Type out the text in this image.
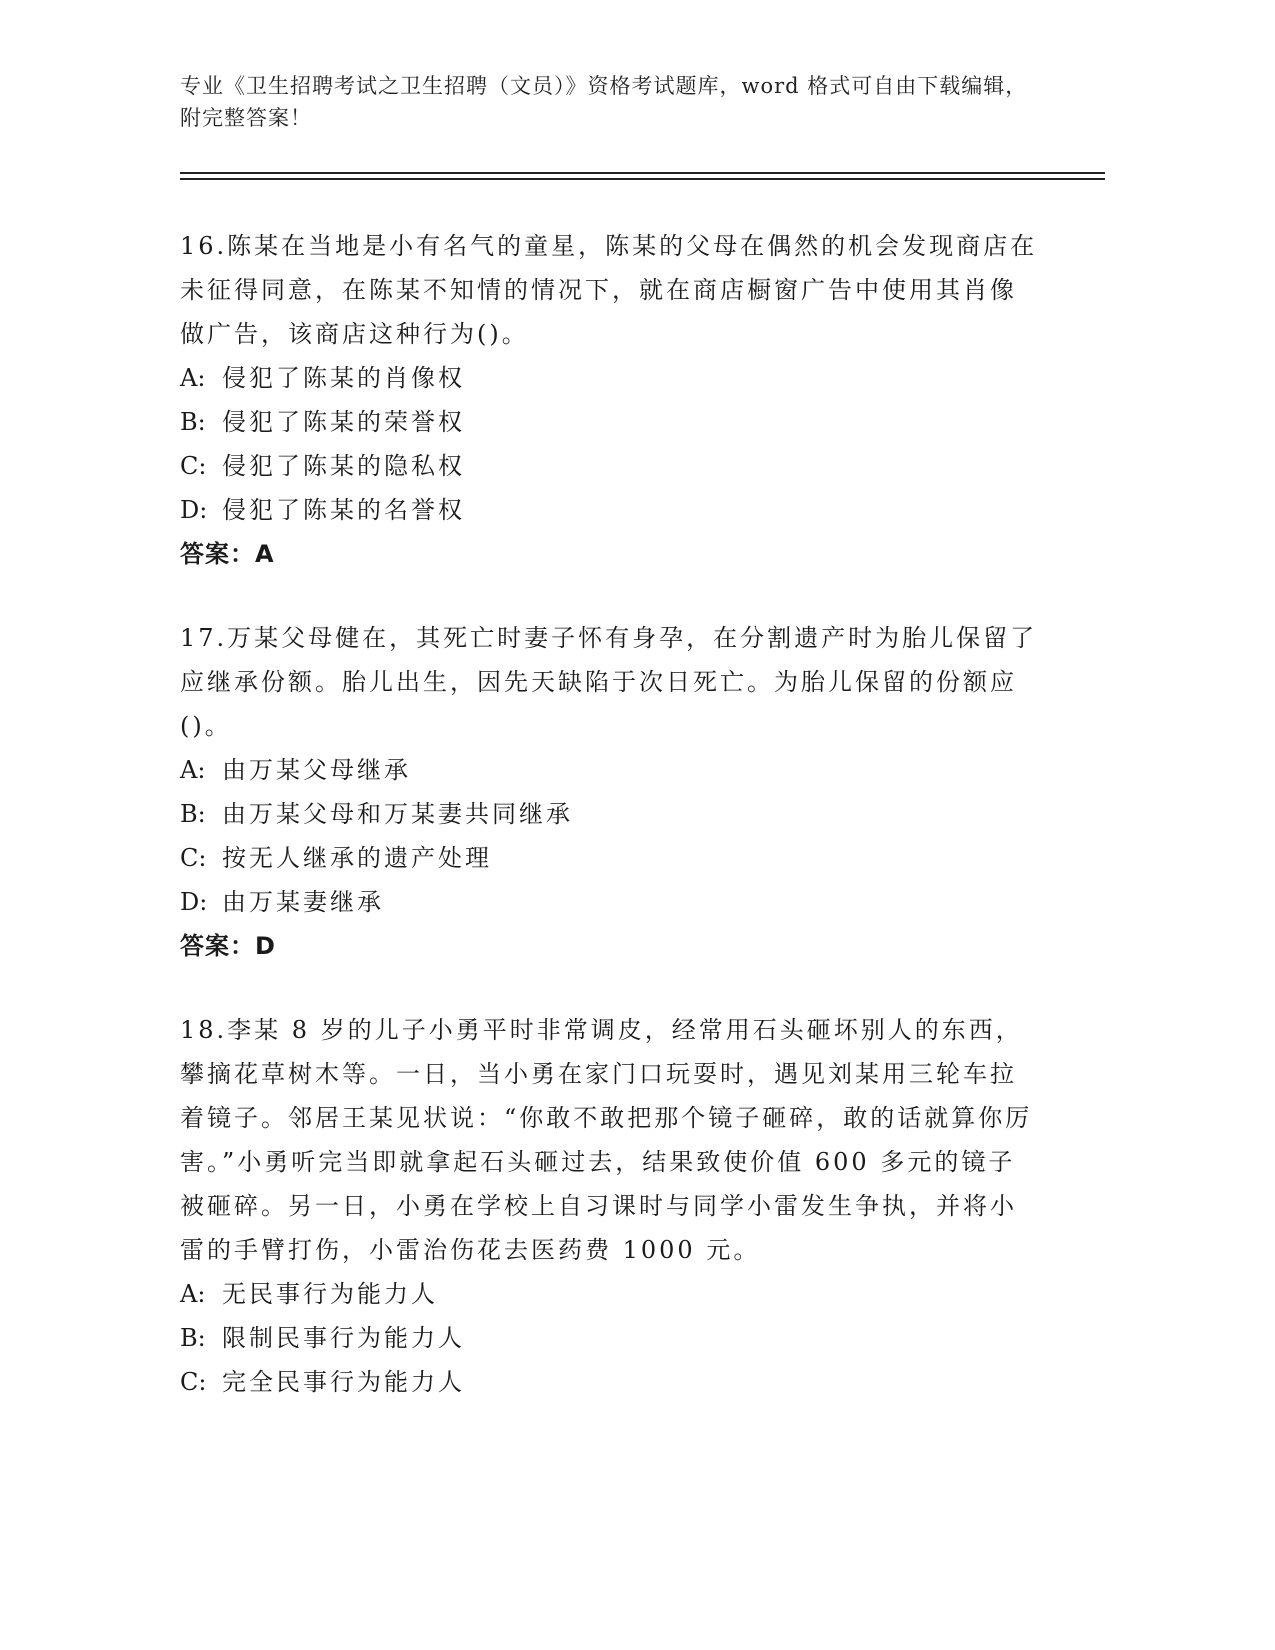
专业《卫生招聘考试之卫生招聘（文员）》资格考试题库，word 格式可自由下载编辑，附完整答案！

16.陈某在当地是小有名气的童星，陈某的父母在偶然的机会发现商店在未征得同意，在陈某不知情的情况下，就在商店橱窗广告中使用其肖像做广告，该商店这种行为()。

A: 侵犯了陈某的肖像权
B: 侵犯了陈某的荣誉权
C: 侵犯了陈某的隐私权
D: 侵犯了陈某的名誉权

答案：A

17.万某父母健在，其死亡时妻子怀有身孕，在分割遗产时为胎儿保留了应继承份额。胎儿出生，因先天缺陷于次日死亡。为胎儿保留的份额应()。

A: 由万某父母继承
B: 由万某父母和万某妻共同继承
C: 按无人继承的遗产处理
D: 由万某妻继承

答案：D

18.李某 8 岁的儿子小勇平时非常调皮，经常用石头砸坏别人的东西，攀摘花草树木等。一日，当小勇在家门口玩耍时，遇见刘某用三轮车拉着镜子。邻居王某见状说：“你敢不敢把那个镜子砸碎，敢的话就算你厉害。”小勇听完当即就拿起石头砸过去，结果致使价值 600 多元的镜子被砸碎。另一日，小勇在学校上自习课时与同学小雷发生争执，并将小雷的手臂打伤，小雷治伤花去医药费 1000 元。

A: 无民事行为能力人
B: 限制民事行为能力人
C: 完全民事行为能力人
